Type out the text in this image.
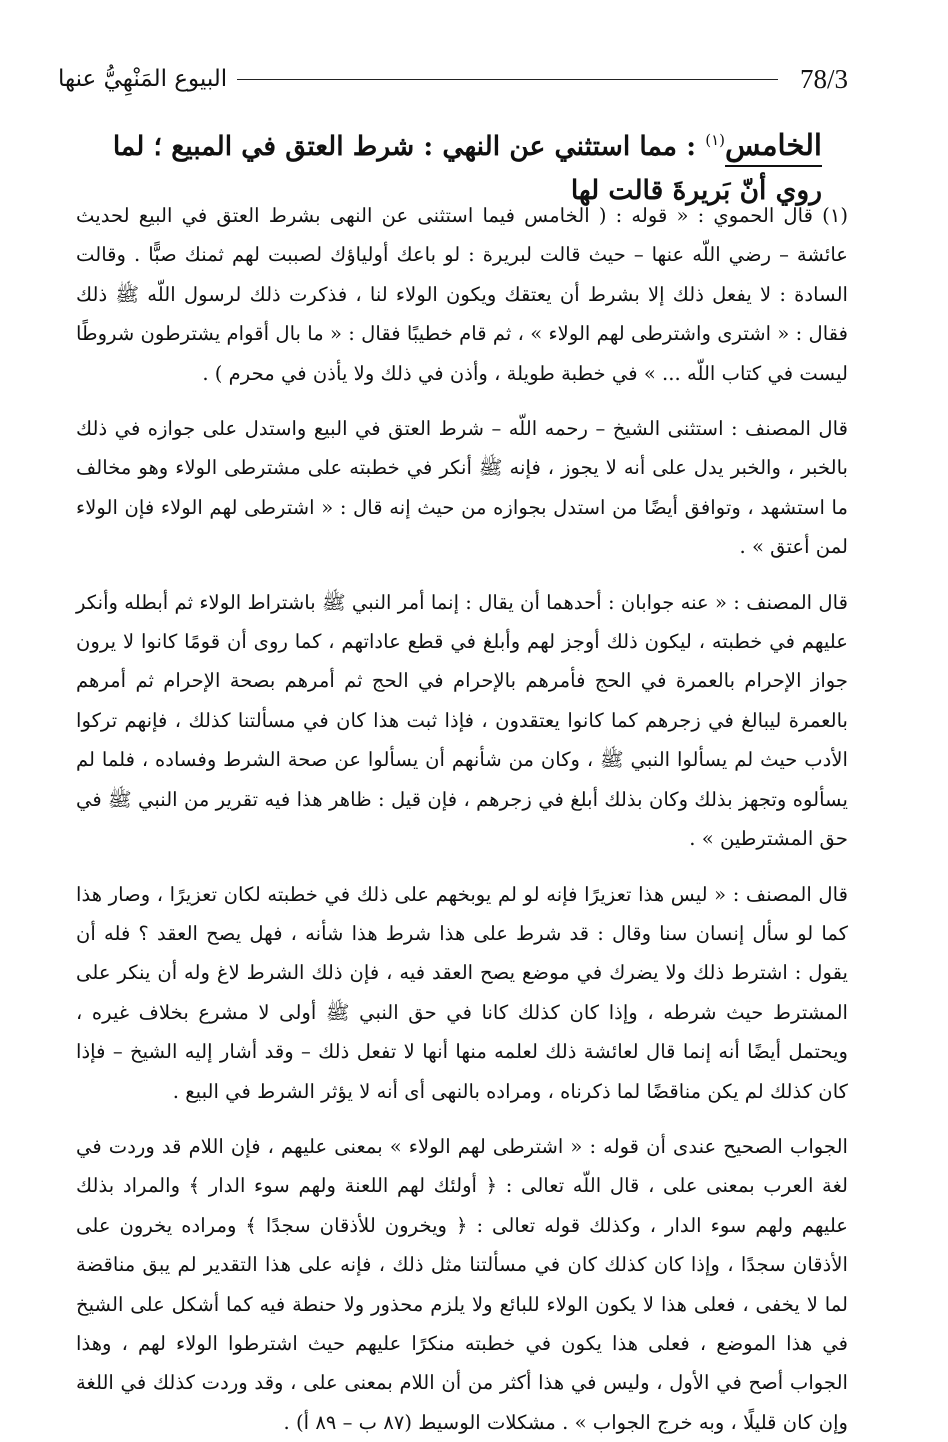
78/3
البيوع المَنْهِيُّ عنها
الخامس$^{(١)}$ : مما استثني عن النهي : شرط العتق في المبيع ؛ لما روي أنّ بَريرةَ قالت لها

(١) قال الحموي : « قوله : ( الخامس فيما استثنى عن النهى بشرط العتق في البيع لحديث عائشة – رضي اللّه عنها – حيث قالت لبريرة : لو باعك أولياؤك لصببت لهم ثمنك صبًّا . وقالت السادة : لا يفعل ذلك إلا بشرط أن يعتقك ويكون الولاء لنا ، فذكرت ذلك لرسول اللّه ﷺ ذلك فقال : « اشترى واشترطى لهم الولاء » ، ثم قام خطيبًا فقال : « ما بال أقوام يشترطون شروطًا ليست في كتاب اللّه ... » في خطبة طويلة ، وأذن في ذلك ولا يأذن في محرم ) .

قال المصنف : استثنى الشيخ – رحمه اللّه – شرط العتق في البيع واستدل على جوازه في ذلك بالخبر ، والخبر يدل على أنه لا يجوز ، فإنه ﷺ أنكر في خطبته على مشترطى الولاء وهو مخالف ما استشهد ، وتوافق أيضًا من استدل بجوازه من حيث إنه قال : « اشترطى لهم الولاء فإن الولاء لمن أعتق » .

قال المصنف : « عنه جوابان : أحدهما أن يقال : إنما أمر النبي ﷺ باشتراط الولاء ثم أبطله وأنكر عليهم في خطبته ، ليكون ذلك أوجز لهم وأبلغ في قطع عاداتهم ، كما روى أن قومًا كانوا لا يرون جواز الإحرام بالعمرة في الحج فأمرهم بالإحرام في الحج ثم أمرهم بصحة الإحرام ثم أمرهم بالعمرة ليبالغ في زجرهم كما كانوا يعتقدون ، فإذا ثبت هذا كان في مسألتنا كذلك ، فإنهم تركوا الأدب حيث لم يسألوا النبي ﷺ ، وكان من شأنهم أن يسألوا عن صحة الشرط وفساده ، فلما لم يسألوه وتجهز بذلك وكان بذلك أبلغ في زجرهم ، فإن قيل : ظاهر هذا فيه تقرير من النبي ﷺ في حق المشترطين » .

قال المصنف : « ليس هذا تعزيرًا فإنه لو لم يوبخهم على ذلك في خطبته لكان تعزيرًا ، وصار هذا كما لو سأل إنسان سنا وقال : قد شرط على هذا شرط هذا شأنه ، فهل يصح العقد ؟ فله أن يقول : اشترط ذلك ولا يضرك في موضع يصح العقد فيه ، فإن ذلك الشرط لاغ وله أن ينكر على المشترط حيث شرطه ، وإذا كان كذلك كانا في حق النبي ﷺ أولى لا مشرع بخلاف غيره ، ويحتمل أيضًا أنه إنما قال لعائشة ذلك لعلمه منها أنها لا تفعل ذلك – وقد أشار إليه الشيخ – فإذا كان كذلك لم يكن مناقضًا لما ذكرناه ، ومراده بالنهى أى أنه لا يؤثر الشرط في البيع .

الجواب الصحيح عندى أن قوله : « اشترطى لهم الولاء » بمعنى عليهم ، فإن اللام قد وردت في لغة العرب بمعنى على ، قال اللّه تعالى : ﴿ أولئك لهم اللعنة ولهم سوء الدار ﴾ والمراد بذلك عليهم ولهم سوء الدار ، وكذلك قوله تعالى : ﴿ ويخرون للأذقان سجدًا ﴾ ومراده يخرون على الأذقان سجدًا ، وإذا كان كذلك كان في مسألتنا مثل ذلك ، فإنه على هذا التقدير لم يبق مناقضة لما لا يخفى ، فعلى هذا لا يكون الولاء للبائع ولا يلزم محذور ولا حنطة فيه كما أشكل على الشيخ في هذا الموضع ، فعلى هذا يكون في خطبته منكرًا عليهم حيث اشترطوا الولاء لهم ، وهذا الجواب أصح في الأول ، وليس في هذا أكثر من أن اللام بمعنى على ، وقد وردت كذلك في اللغة وإن كان قليلًا ، وبه خرج الجواب » . مشكلات الوسيط (٨٧ ب – ٨٩ أ) .
